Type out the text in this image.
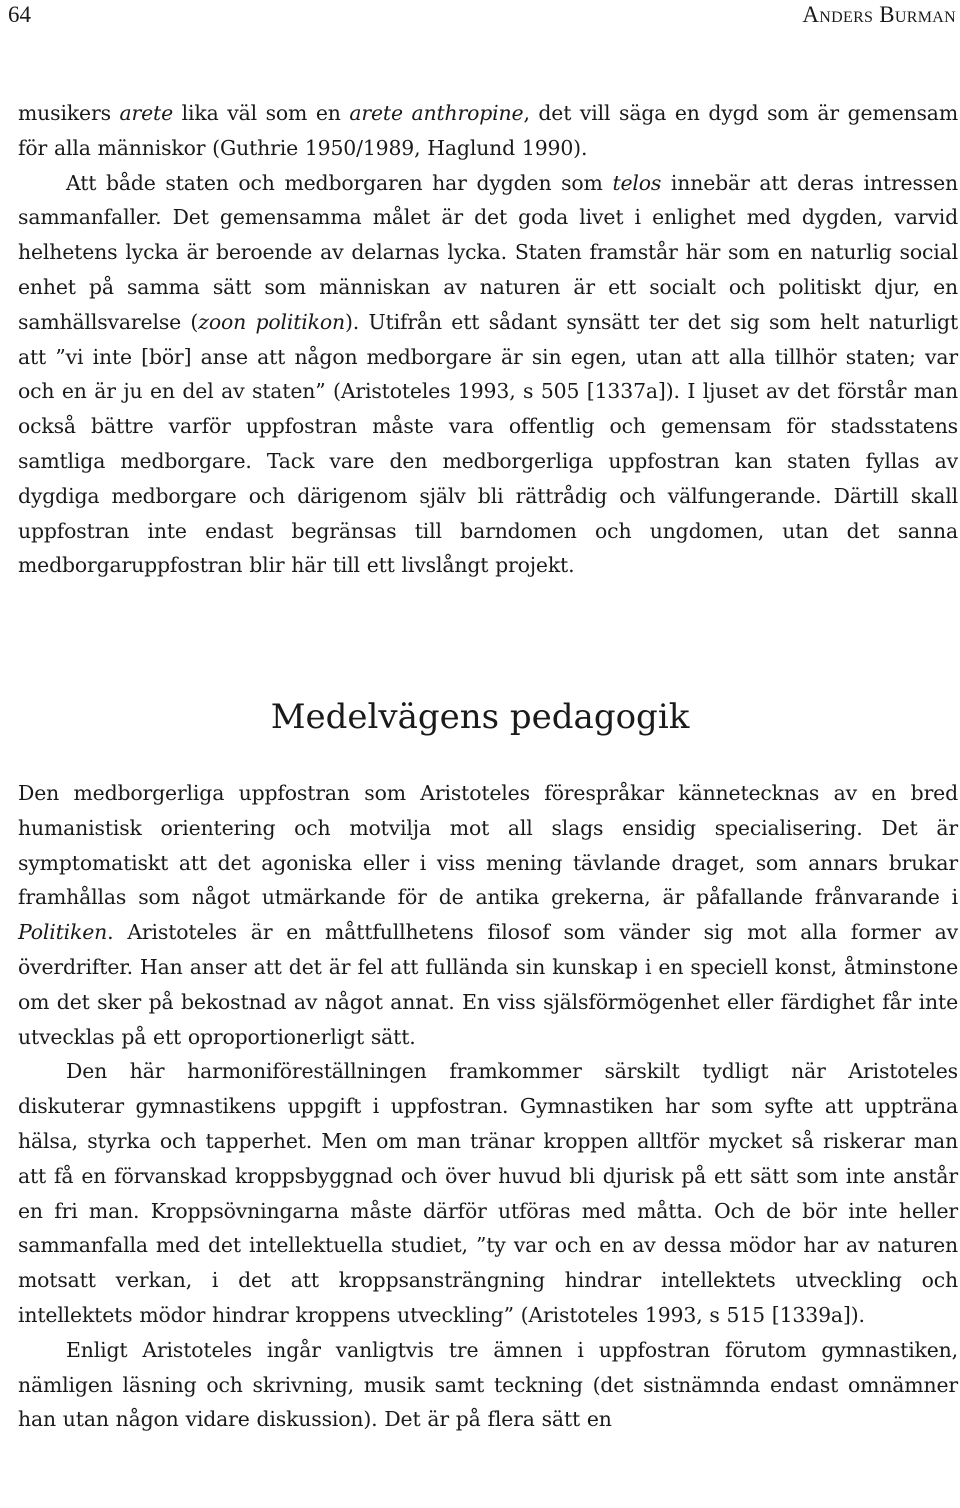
64	Anders Burman

musikers arete lika väl som en arete anthropine, det vill säga en dygd som är gemensam för alla människor (Guthrie 1950/1989, Haglund 1990).

Att både staten och medborgaren har dygden som telos innebär att deras intressen sammanfaller. Det gemensamma målet är det goda livet i enlighet med dygden, varvid helhetens lycka är beroende av delarnas lycka. Staten framstår här som en naturlig social enhet på samma sätt som människan av naturen är ett socialt och politiskt djur, en samhällsvarelse (zoon politikon). Utifrån ett sådant synsätt ter det sig som helt naturligt att ”vi inte [bör] anse att någon medborgare är sin egen, utan att alla tillhör staten; var och en är ju en del av staten” (Aristoteles 1993, s 505 [1337a]). I ljuset av det förstår man också bättre varför uppfostran måste vara offentlig och gemensam för stadsstatens samtliga medborgare. Tack vare den medborgerliga uppfostran kan staten fyllas av dygdiga medborgare och därigenom själv bli rättrådig och välfungerande. Därtill skall uppfostran inte endast begränsas till barndomen och ungdomen, utan det sanna medborgaruppfostran blir här till ett livslångt projekt.

Medelvägens pedagogik

Den medborgerliga uppfostran som Aristoteles förespråkar kännetecknas av en bred humanistisk orientering och motvilja mot all slags ensidig specialisering. Det är symptomatiskt att det agoniska eller i viss mening tävlande draget, som annars brukar framhållas som något utmärkande för de antika grekerna, är påfallande frånvarande i Politiken. Aristoteles är en måttfullhetens filosof som vänder sig mot alla former av överdrifter. Han anser att det är fel att fulländа sin kunskap i en speciell konst, åtminstone om det sker på bekostnad av något annat. En viss själsförmögenhet eller färdighet får inte utvecklas på ett oproportionerligt sätt.

Den här harmoniföreställningen framkommer särskilt tydligt när Aristoteles diskuterar gymnastikens uppgift i uppfostran. Gymnastiken har som syfte att uppträna hälsa, styrka och tapperhet. Men om man tränar kroppen alltför mycket så riskerar man att få en förvanskad kroppsbyggnad och över huvud bli djurisk på ett sätt som inte anstår en fri man. Kroppsövningarna måste därför utföras med måtta. Och de bör inte heller sammanfalla med det intellektuella studiet, ”ty var och en av dessa mödor har av naturen motsatt verkan, i det att kroppsansträngning hindrar intellektets utveckling och intellektets mödor hindrar kroppens utveckling” (Aristoteles 1993, s 515 [1339a]).

Enligt Aristoteles ingår vanligtvis tre ämnen i uppfostran förutom gymnastiken, nämligen läsning och skrivning, musik samt teckning (det sistnämnda endast omnämner han utan någon vidare diskussion). Det är på flera sätt en
